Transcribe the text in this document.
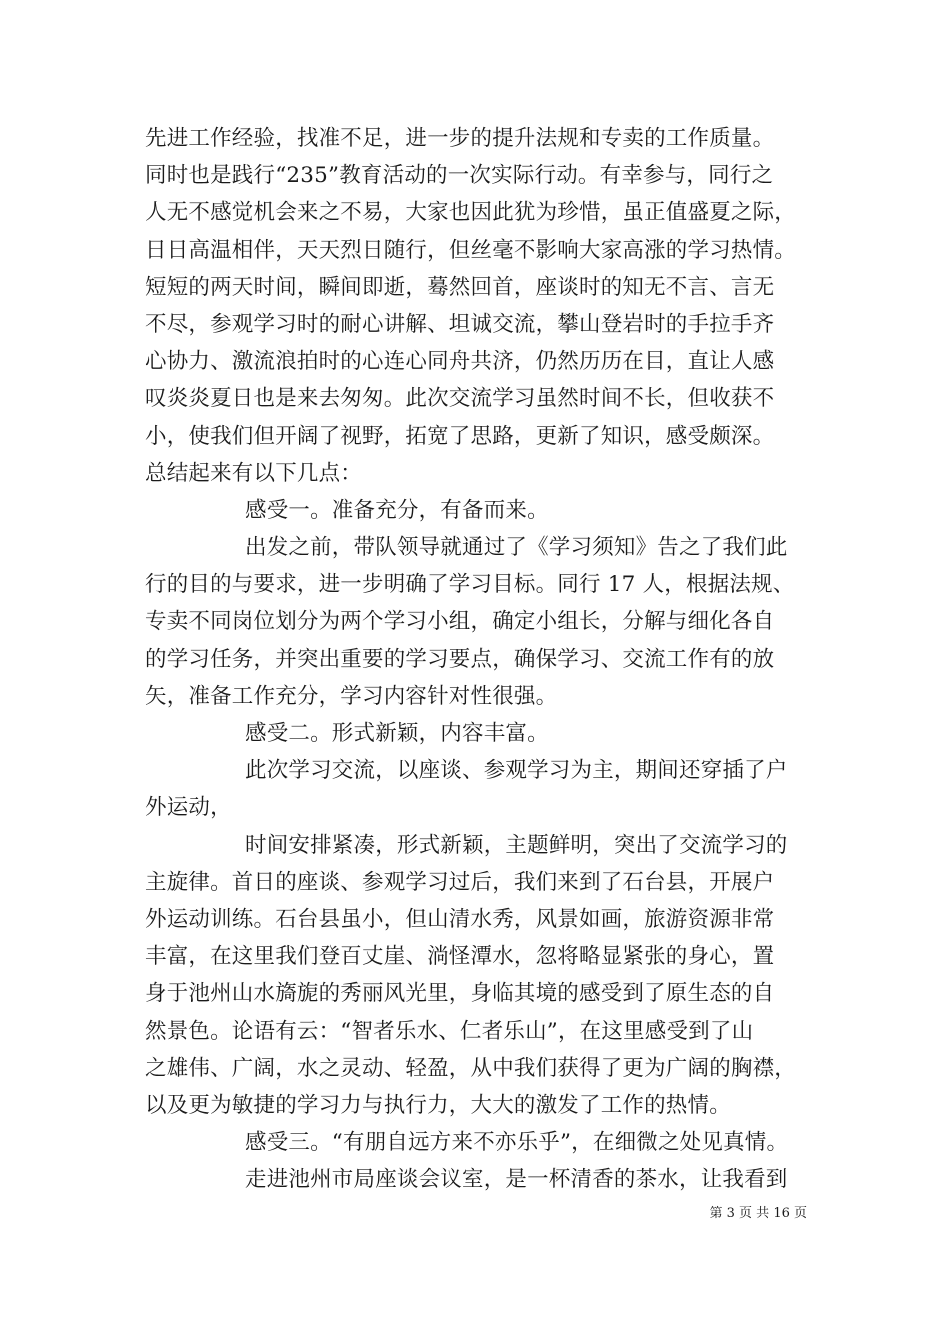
先进工作经验，找准不足，进一步的提升法规和专卖的工作质量。
同时也是践行“235”教育活动的一次实际行动。有幸参与，同行之
人无不感觉机会来之不易，大家也因此犹为珍惜，虽正值盛夏之际，
日日高温相伴，天天烈日随行，但丝毫不影响大家高涨的学习热情。
短短的两天时间，瞬间即逝，蓦然回首，座谈时的知无不言、言无
不尽，参观学习时的耐心讲解、坦诚交流，攀山登岩时的手拉手齐
心协力、激流浪拍时的心连心同舟共济，仍然历历在目，直让人感
叹炎炎夏日也是来去匆匆。此次交流学习虽然时间不长，但收获不
小，使我们但开阔了视野，拓宽了思路，更新了知识，感受颇深。
总结起来有以下几点：
感受一。准备充分，有备而来。
出发之前，带队领导就通过了《学习须知》告之了我们此
行的目的与要求，进一步明确了学习目标。同行 17 人，根据法规、
专卖不同岗位划分为两个学习小组，确定小组长，分解与细化各自
的学习任务，并突出重要的学习要点，确保学习、交流工作有的放
矢，准备工作充分，学习内容针对性很强。
感受二。形式新颖，内容丰富。
此次学习交流，以座谈、参观学习为主，期间还穿插了户
外运动，
时间安排紧凑，形式新颖，主题鲜明，突出了交流学习的
主旋律。首日的座谈、参观学习过后，我们来到了石台县，开展户
外运动训练。石台县虽小，但山清水秀，风景如画，旅游资源非常
丰富，在这里我们登百丈崖、淌怪潭水，忽将略显紧张的身心，置
身于池州山水旖旎的秀丽风光里，身临其境的感受到了原生态的自
然景色。论语有云：“智者乐水、仁者乐山”，在这里感受到了山
之雄伟、广阔，水之灵动、轻盈，从中我们获得了更为广阔的胸襟，
以及更为敏捷的学习力与执行力，大大的激发了工作的热情。
感受三。“有朋自远方来不亦乐乎”，在细微之处见真情。
走进池州市局座谈会议室，是一杯清香的茶水，让我看到
第 3 页 共 16 页
